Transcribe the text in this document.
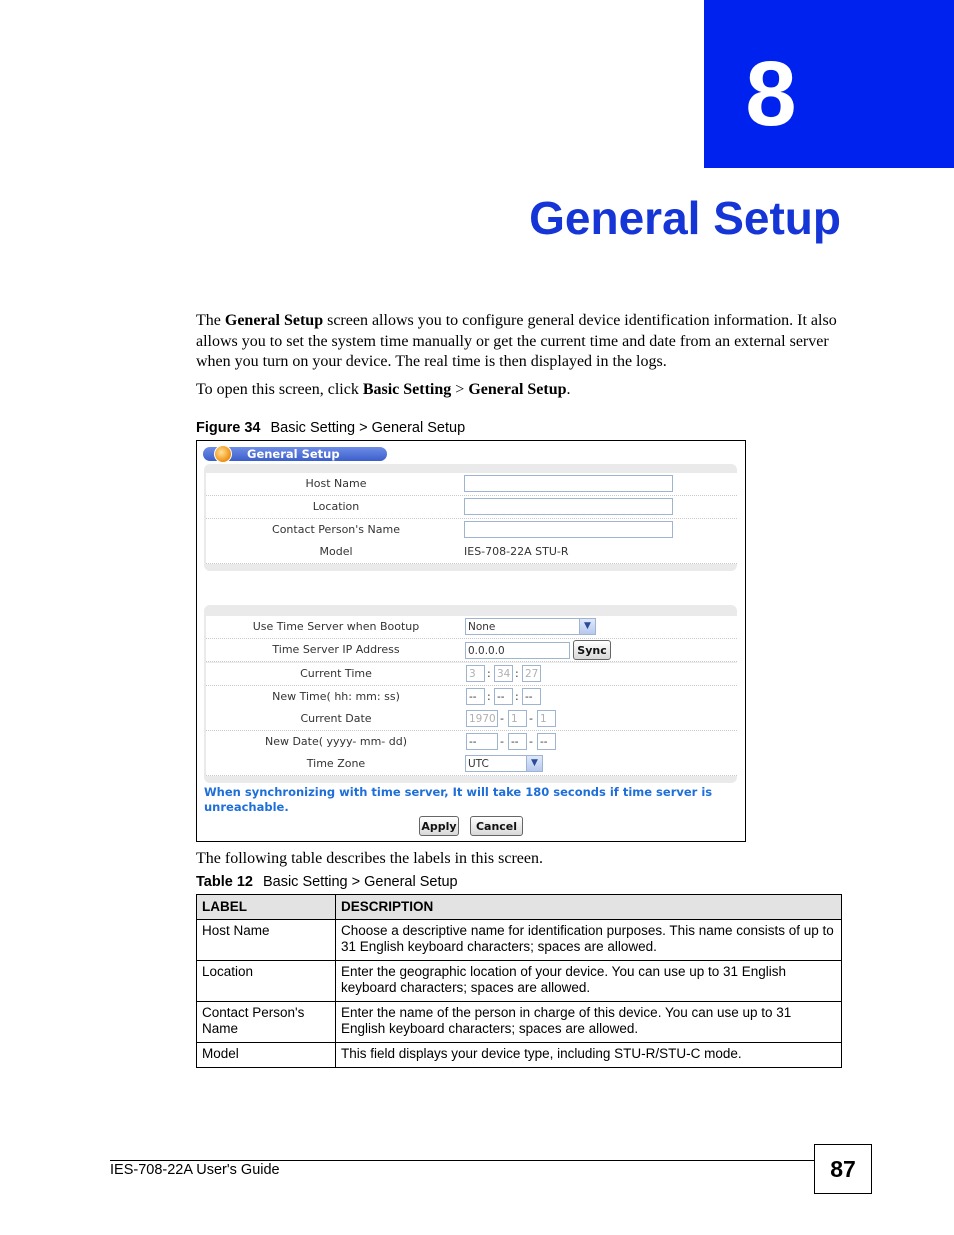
8
General Setup
The General Setup screen allows you to configure general device identification information. It also allows you to set the system time manually or get the current time and date from an external server when you turn on your device. The real time is then displayed in the logs.
To open this screen, click Basic Setting > General Setup.
Figure 34 Basic Setting > General Setup
General Setup
Host Name
Location
Contact Person's Name
Model	IES-708-22A STU-R
Use Time Server when Bootup	None	▼
Time Server IP Address	0.0.0.0	Sync
Current Time	3	: 34 : 27
New Time( hh: mm: ss)	-- : -- : --
Current Date	1970 - 1	- 1
New Date( yyyy- mm- dd)	--	- -- - --
Time Zone	UTC	▼
When synchronizing with time server, It will take 180 seconds if time server is unreachable.
Apply	Cancel
The following table describes the labels in this screen.
Table 12 Basic Setting > General Setup
LABEL	DESCRIPTION
Host Name	Choose a descriptive name for identification purposes. This name consists of up to 31 English keyboard characters; spaces are allowed.
Location	Enter the geographic location of your device. You can use up to 31 English keyboard characters; spaces are allowed.
Contact Person's Name	Enter the name of the person in charge of this device. You can use up to 31 English keyboard characters; spaces are allowed.
Model	This field displays your device type, including STU-R/STU-C mode.
IES-708-22A User's Guide	87
